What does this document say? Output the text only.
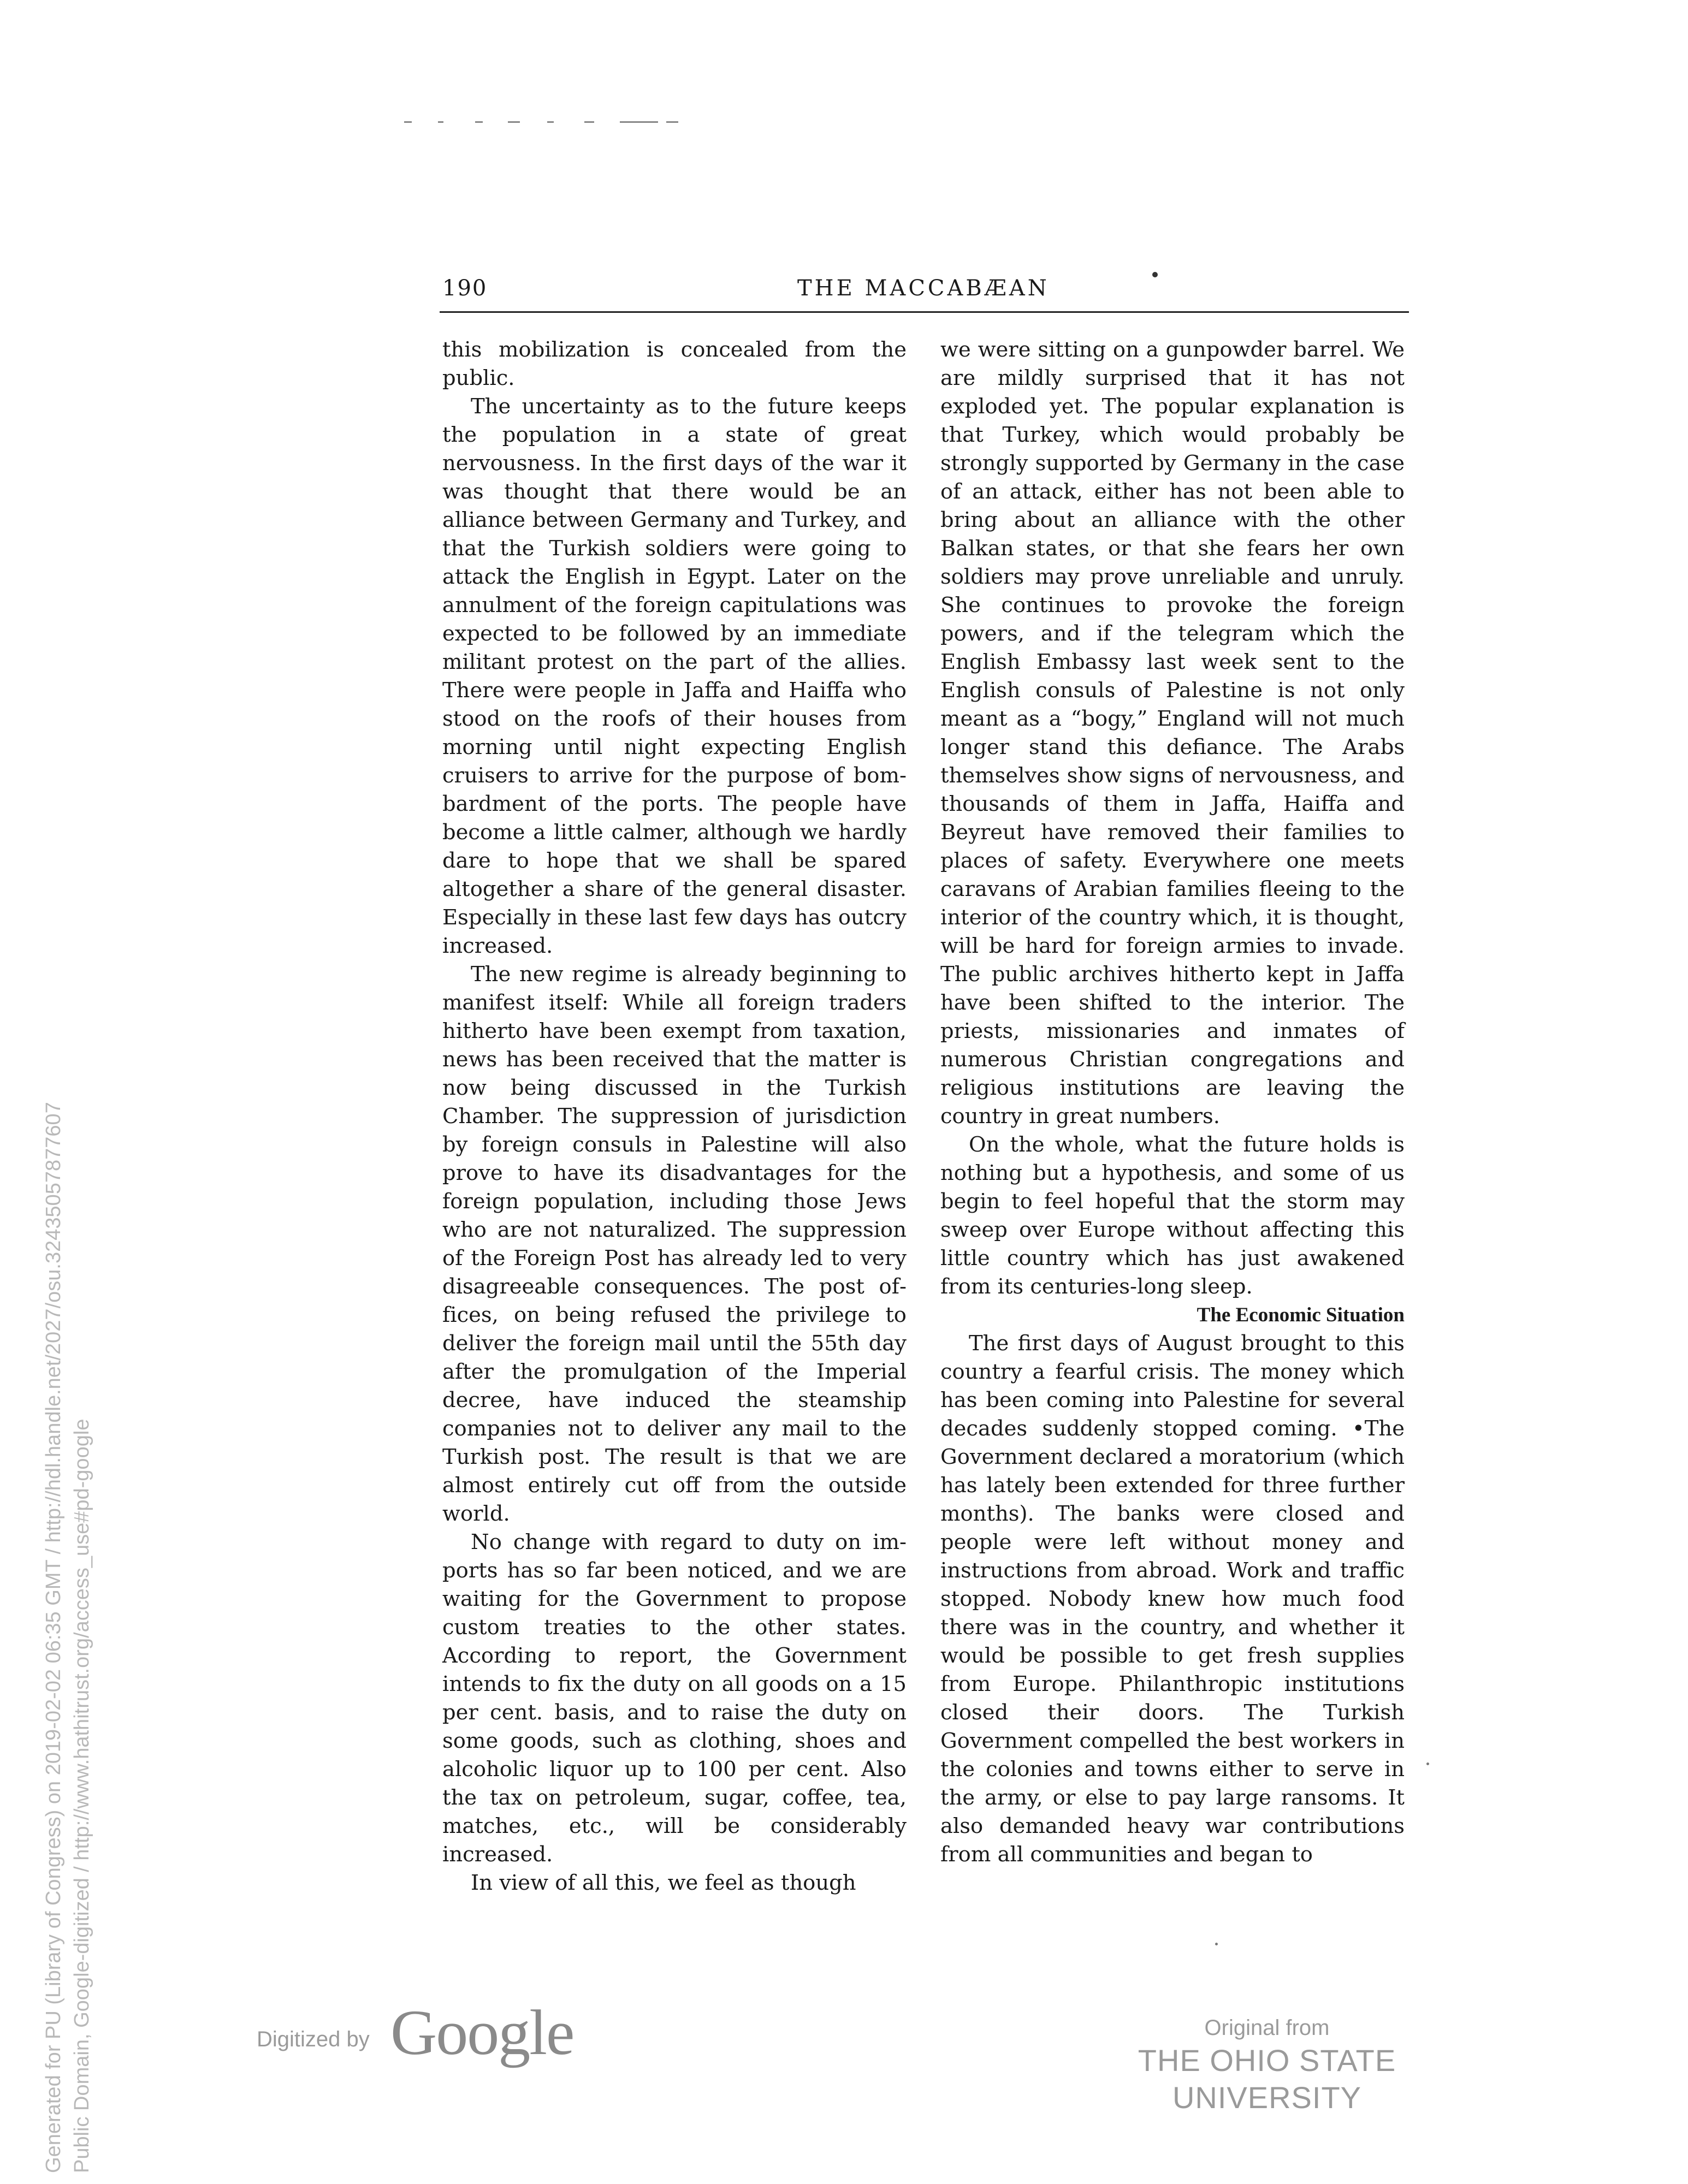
190	THE MACCABÆAN

this mobilization is concealed from the public.

The uncertainty as to the future keeps the population in a state of great nervousness. In the first days of the war it was thought that there would be an alliance between Germany and Turkey, and that the Turkish soldiers were going to attack the English in Egypt. Later on the annulment of the foreign capitulations was expected to be followed by an immediate militant protest on the part of the allies. There were people in Jaffa and Haiffa who stood on the roofs of their houses from morning until night expecting English cruisers to arrive for the purpose of bombardment of the ports. The people have become a little calmer, although we hardly dare to hope that we shall be spared altogether a share of the general disaster. Especially in these last few days has outcry increased.

The new regime is already beginning to manifest itself: While all foreign traders hitherto have been exempt from taxation, news has been received that the matter is now being discussed in the Turkish Chamber. The suppression of jurisdiction by foreign consuls in Palestine will also prove to have its disadvantages for the foreign population, including those Jews who are not naturalized. The suppression of the Foreign Post has already led to very disagreeable consequences. The post offices, on being refused the privilege to deliver the foreign mail until the 55th day after the promulgation of the Imperial decree, have induced the steamship companies not to deliver any mail to the Turkish post. The result is that we are almost entirely cut off from the outside world.

No change with regard to duty on imports has so far been noticed, and we are waiting for the Government to propose custom treaties to the other states. According to report, the Government intends to fix the duty on all goods on a 15 per cent. basis, and to raise the duty on some goods, such as clothing, shoes and alcoholic liquor up to 100 per cent. Also the tax on petroleum, sugar, coffee, tea, matches, etc., will be considerably increased.

In view of all this, we feel as though

we were sitting on a gunpowder barrel. We are mildly surprised that it has not exploded yet. The popular explanation is that Turkey, which would probably be strongly supported by Germany in the case of an attack, either has not been able to bring about an alliance with the other Balkan states, or that she fears her own soldiers may prove unreliable and unruly. She continues to provoke the foreign powers, and if the telegram which the English Embassy last week sent to the English consuls of Palestine is not only meant as a “bogy,” England will not much longer stand this defiance. The Arabs themselves show signs of nervousness, and thousands of them in Jaffa, Haiffa and Beyreut have removed their families to places of safety. Everywhere one meets caravans of Arabian families fleeing to the interior of the country which, it is thought, will be hard for foreign armies to invade. The public archives hitherto kept in Jaffa have been shifted to the interior. The priests, missionaries and inmates of numerous Christian congregations and religious institutions are leaving the country in great numbers.

On the whole, what the future holds is nothing but a hypothesis, and some of us begin to feel hopeful that the storm may sweep over Europe without affecting this little country which has just awakened from its centuries-long sleep.

The Economic Situation

The first days of August brought to this country a fearful crisis. The money which has been coming into Palestine for several decades suddenly stopped coming. •The Government declared a moratorium (which has lately been extended for three further months). The banks were closed and people were left without money and instructions from abroad. Work and traffic stopped. Nobody knew how much food there was in the country, and whether it would be possible to get fresh supplies from Europe. Philanthropic institutions closed their doors. The Turkish Government compelled the best workers in the colonies and towns either to serve in the army, or else to pay large ransoms. It also demanded heavy war contributions from all communities and began to

Digitized by Google	Original from
THE OHIO STATE UNIVERSITY
Generated for PU (Library of Congress) on 2019-02-02 06:35 GMT / http://hdl.handle.net/2027/osu.32435057877607 Public Domain, Google-digitized / http://www.hathitrust.org/access_use#pd-google
